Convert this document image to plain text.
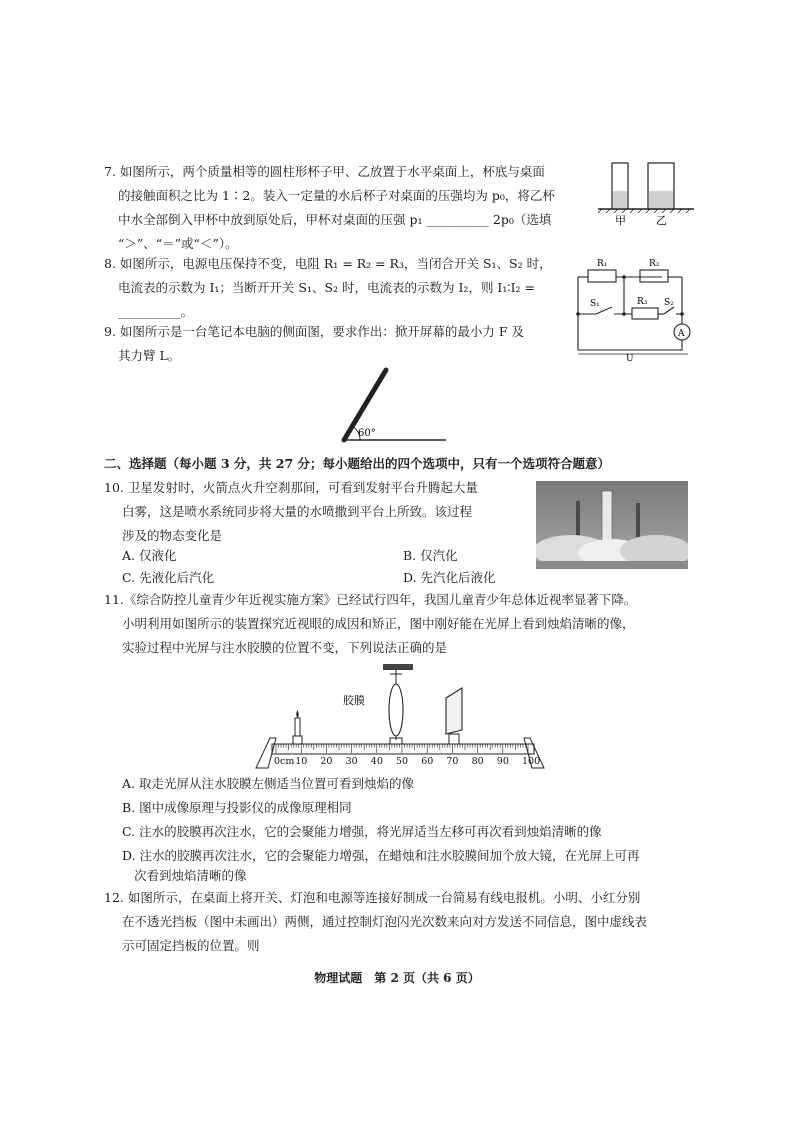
7. 如图所示，两个质量相等的圆柱形杯子甲、乙放置于水平桌面上，杯底与桌面
的接触面积之比为 1∶2。装入一定量的水后杯子对桌面的压强均为 p₀，将乙杯
中水全部倒入甲杯中放到原处后，甲杯对桌面的压强 p₁ __________ 2p₀（选填
“＞”、“＝”或“＜”）。
甲	乙
8. 如图所示，电源电压保持不变，电阻 R₁ = R₂ = R₃，当闭合开关 S₁、S₂ 时，
电流表的示数为 I₁；当断开开关 S₁、S₂ 时，电流表的示数为 I₂，则 I₁∶I₂ =
__________。
R₁	R₂
R₃
S₁	S₂
A
U
9. 如图所示是一台笔记本电脑的侧面图，要求作出：掀开屏幕的最小力 F 及
其力臂 L。
60°
二、选择题（每小题 3 分，共 27 分；每小题给出的四个选项中，只有一个选项符合题意）
10. 卫星发射时，火箭点火升空刹那间，可看到发射平台升腾起大量
白雾，这是喷水系统同步将大量的水喷撒到平台上所致。该过程
涉及的物态变化是
A. 仅液化	B. 仅汽化
C. 先液化后汽化	D. 先汽化后液化
11.《综合防控儿童青少年近视实施方案》已经试行四年，我国儿童青少年总体近视率显著下降。
小明利用如图所示的装置探究近视眼的成因和矫正，图中刚好能在光屏上看到烛焰清晰的像，
实验过程中光屏与注水胶膜的位置不变，下列说法正确的是
胶膜
0cm 10 20 30 40 50 60 70 80 90 100
A. 取走光屏从注水胶膜左侧适当位置可看到烛焰的像
B. 图中成像原理与投影仪的成像原理相同
C. 注水的胶膜再次注水，它的会聚能力增强，将光屏适当左移可再次看到烛焰清晰的像
D. 注水的胶膜再次注水，它的会聚能力增强，在蜡烛和注水胶膜间加个放大镜，在光屏上可再
次看到烛焰清晰的像
12. 如图所示，在桌面上将开关、灯泡和电源等连接好制成一台简易有线电报机。小明、小红分别
在不透光挡板（图中未画出）两侧，通过控制灯泡闪光次数来向对方发送不同信息，图中虚线表
示可固定挡板的位置。则
物理试题　第 2 页（共 6 页）
